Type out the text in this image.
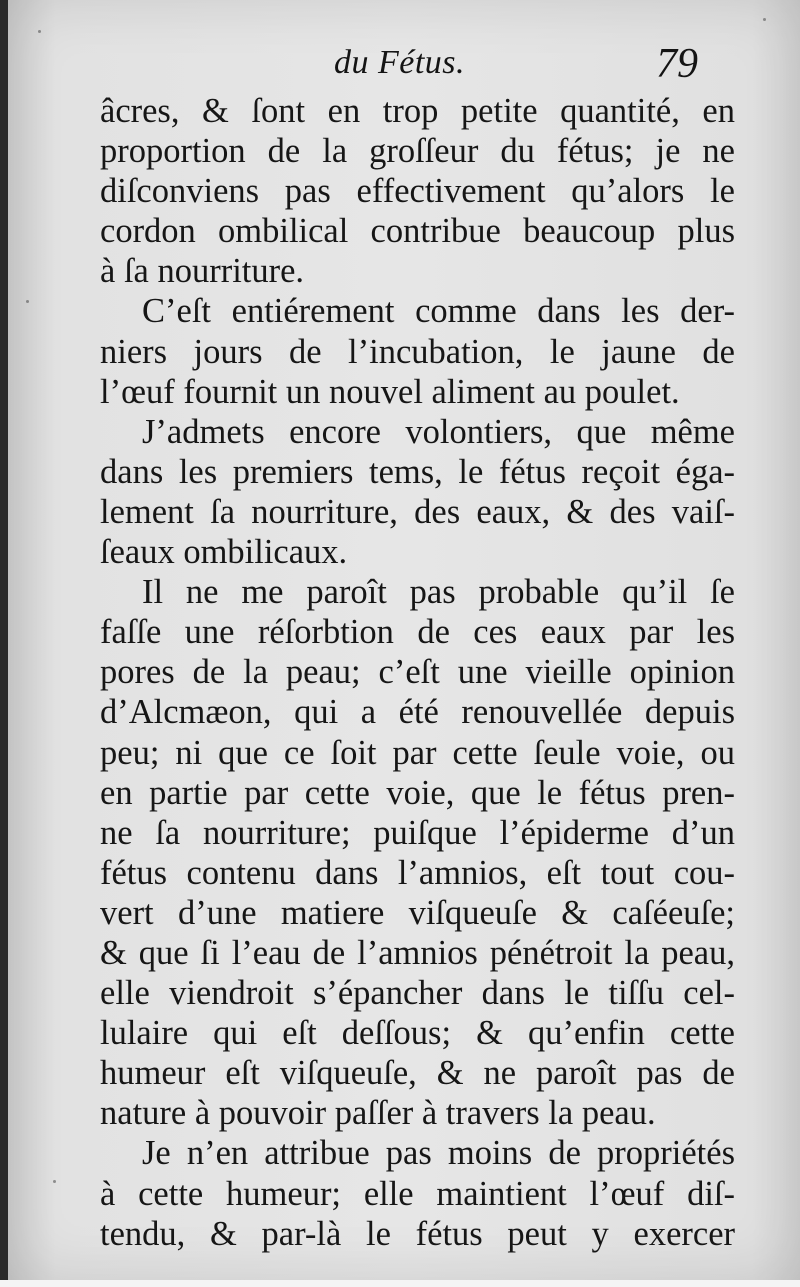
du Fétus.	79
âcres, & ſont en trop petite quantité, en
proportion de la groſſeur du fétus; je ne
diſconviens pas effectivement qu’alors le
cordon ombilical contribue beaucoup plus
à ſa nourriture.
C’eſt entiérement comme dans les der-
niers jours de l’incubation, le jaune de
l’œuf fournit un nouvel aliment au poulet.
J’admets encore volontiers, que même
dans les premiers tems, le fétus reçoit éga-
lement ſa nourriture, des eaux, & des vaiſ-
ſeaux ombilicaux.
Il ne me paroît pas probable qu’il ſe
faſſe une réſorbtion de ces eaux par les
pores de la peau; c’eſt une vieille opinion
d’Alcmæon, qui a été renouvellée depuis
peu; ni que ce ſoit par cette ſeule voie, ou
en partie par cette voie, que le fétus pren-
ne ſa nourriture; puiſque l’épiderme d’un
fétus contenu dans l’amnios, eſt tout cou-
vert d’une matiere viſqueuſe & caſéeuſe;
& que ſi l’eau de l’amnios pénétroit la peau,
elle viendroit s’épancher dans le tiſſu cel-
lulaire qui eſt deſſous; & qu’enfin cette
humeur eſt viſqueuſe, & ne paroît pas de
nature à pouvoir paſſer à travers la peau.
Je n’en attribue pas moins de propriétés
à cette humeur; elle maintient l’œuf diſ-
tendu, & par-là le fétus peut y exercer
